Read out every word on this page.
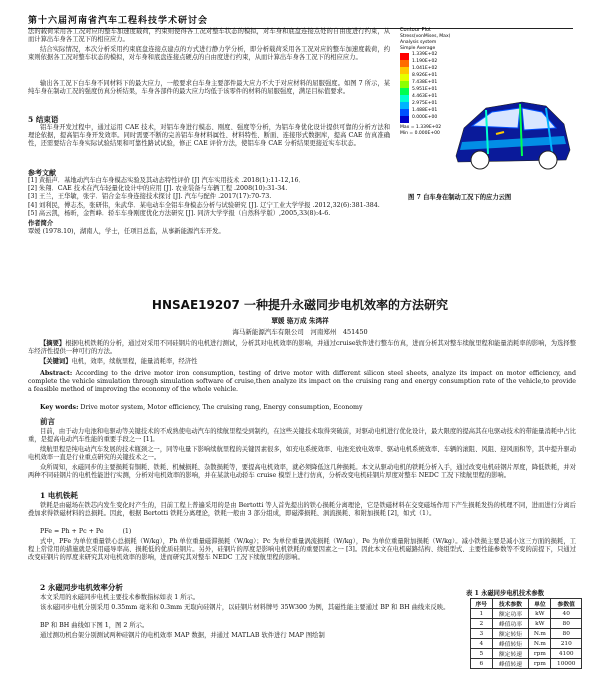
第十六届河南省汽车工程科技学术研讨会

法的载荷采用各工况对应的整车加速度载荷，约束则使得各工况对整车状态的模拟，对车身和底盘连接点处的自由度进行约束，从而计算出车身各工况下的相应应力。

结合实际情况，本次分析采用约束底盘连接点建点的方式进行静力学分析，即分析载荷采用各工况对应的整车加速度载荷，约束则依据各工况对整车状态的模拟，对车身和底盘连接点硬点的自由度进行约束，从而计算出车身各工况下的相应应力。

输出各工况下白车身不同材料下的最大应力，一般要求白车身主要部件最大应力不大于对应材料的屈服强度。如图 7 所示，某纯车身在制动工况的强度仿真分析结果，车身各部件的最大应力均低于该零件的材料的屈服强度，满足目标值要求。

5 结束语

铝车身开发过程中，通过运用 CAE 技术，对铝车身进行模态、刚度、强度等分析，为铝车身优化设计提供可靠的分析方法和理论依据，提高铝车身开发效率。同时需要不断的完善铝车身材料属性、材料特性、断面、连接形式数据库，提高 CAE 仿真准确性，还需要结合车身实际试验结果和可靠性路试试验，修正 CAE 评价方法，使铝车身 CAE 分析结果更接近实车状态。

参考文献

[1] 黄振声．基地动汽车白车身模态实验及其动态特性评价 [J] 汽车实用技术 .2018(1):11-12,16．

[2] 朱翔．CAE 技术在汽车轻量化设计中的应用 [J]. 农业装备与车辆工程 .2008(10):31-34.

[3] 王兰，王华敏，张宇．铝合金车身连接技术探讨 [J]. 汽车与配件 .2017(17):70-73.

[4] 刘利民，傅志杰，张研伟，朱武华．某电动车全铝车身模态分析与试验研究 [J]. 辽宁工业大学学报 .2012,32(6):381-384.

[5] 高云凯，杨昕，金哲峰．轿车车身刚度优化方法研究 [J]. 同济大学学报（自然科学版）,2005,33(8):4-6.

作者简介

覃媛 (1978.10)，湖南人，学士，任项目总监，从事新能源汽车开发。

Contour Plot
Stress(vonMises, Max)
Analysis system
Simple Average
1.339E+02
1.190E+02
1.041E+02
8.926E+01
7.438E+01
5.951E+01
4.463E+01
2.975E+01
1.488E+01
0.000E+00
Max = 1.339E+02
Min = 0.000E+00
图 7 白车身在制动工况下的应力云图
HNSAE19207 一种提升永磁同步电机效率的方法研究
覃媛 骆万成 朱鸿祥
海马新能源汽车有限公司　河南郑州　451450
【摘要】根据电机铁耗的分析，通过对采用不同硅钢片的电机进行测试，分析其对电机效率的影响，并通过cruise软件进行整车仿真，进而分析其对整车续航里程和能量消耗率的影响，为选择整车经济性提供一种可行的方法。
【关键词】电机，效率，续航里程，能量消耗率，经济性
Abstract: According to the drive motor iron consumption, testing of drive motor with different silicon steel sheets, analyze its impact on motor efficiency, and complete the vehicle simulation through simulation software of cruise,then analyze its impact on the cruising rang and energy consumption rate of the vehicle,to provide a feasible method of improving the economy of the whole vehicle.
Key words: Drive motor system, Motor efficiency, The cruising rang, Energy consumption, Economy
前言

目前，由于动力电池和电驱动等关键技术的不成熟使电动汽车的续航里程受到制约，在这些关键技术取得突破前，对驱动电机进行优化设计，最大限度的提高其在电驱动技术的带能量消耗中占比重，是提高电动汽车性能的重要手段之一 [1]。

续航里程是纯电动汽车发展的技术瓶颈之一，同等电量下影响续航里程的关键因素很多，如充电系统效率、电池充放电效率、驱动电机系统效率、车辆的滚阻、风阻、迎风面积等，其中提升驱动电机效率一直是行业重点研究的关键技术之一。

众所周知，永磁同步的主要损耗有铜耗、铁耗、机械损耗、杂散损耗等，要提高电机效率，就必须降低这几种损耗。本文从驱动电机的铁耗分析入手，通过改变电机硅钢片厚度，降低铁耗，并对两种不同硅钢片的电机性能进行实测，分析对电机效率的影响，并在某款电动轿车 cruise 模型上进行仿真，分析改变电机硅钢片厚度对整车 NEDC 工况下续航里程的影响。

1 电机铁耗

铁耗是由磁场在铁芯内发生变化时产生的，目前工程上普遍采用的是由 Bertotti 等人首先提出的铁心损耗分离理论，它是铁磁材料在交变磁场作用下产生损耗发热的机理不同，进而进行分离后叠加求得铁磁材料的总损耗。因此，根据 Bertotti 铁耗分离理论，铁耗一般由 3 部分组成，即磁滞损耗、涡流损耗、和附加损耗 [2]，如式（1）。

PFe = Ph + Pc + Pe　　　(1)

式中，PFe 为单位重量铁心总损耗（W/kg），Ph 单位重量磁滞损耗（W/kg）；Pc 为单位重量涡流损耗（W/kg），Pe 为单位重量附加损耗（W/kg）。减小铁损主要是减小这三方面的损耗，工程上常常用的措施就是采用磁导率高、损耗低的优质硅钢片。另外，硅钢片的厚度是影响电机铁耗的重要因素之一 [3]。因此本文在电机磁路结构、绕组型式、主要性能参数等不变的前提下，只通过改变硅钢片的厚度来研究其对电机效率的影响，进而研究其对整车 NEDC 工况下续航里程的影响。

2 永磁同步电机效率分析

本文采用的永磁同步电机主要技术参数指标如表 1 所示。

该永磁同步电机分别采用 0.35mm 毫米和 0.3mm 无取向硅钢片，以硅钢片材料牌号 35W300 为例，其磁性能主要通过 BP 和 BH 曲线来反映。

BP 和 BH 曲线如下图 1，图 2 所示。

通过测功机台架分别测试两种硅钢片的电机效率 MAP 数据，并通过 MATLAB 软件进行 MAP 图绘制

表 1 永磁同步电机技术参数
序号	技术参数	单位	参数值
1	额定功率	kW	40
2	峰值功率	kW	80
3	额定转矩	N.m	80
4	峰值转矩	N.m	210
5	额定转速	rpm	4100
6	峰值转速	rpm	10000
